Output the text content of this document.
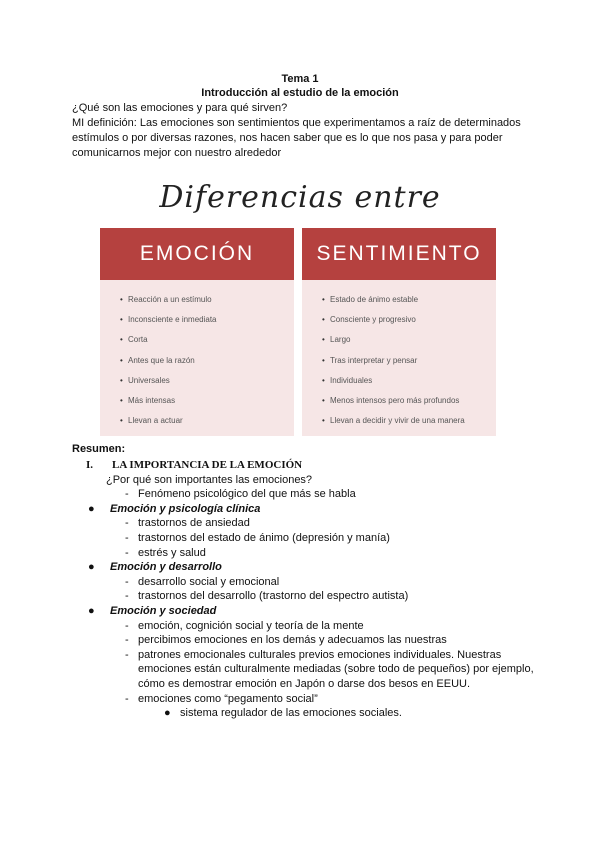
Tema 1
Introducción al estudio de la emoción
¿Qué son las emociones y para qué sirven?
MI definición: Las emociones son sentimientos que experimentamos a raíz de determinados estímulos o por diversas razones, nos hacen saber que es lo que nos pasa y para poder comunicarnos mejor con nuestro alrededor
Diferencias entre
EMOCIÓN
• Reacción a un estímulo
• Inconsciente e inmediata
• Corta
• Antes que la razón
• Universales
• Más intensas
• Llevan a actuar
SENTIMIENTO
• Estado de ánimo estable
• Consciente y progresivo
• Largo
• Tras interpretar y pensar
• Individuales
• Menos intensos pero más profundos
• Llevan a decidir y vivir de una manera
Resumen:
I. LA IMPORTANCIA DE LA EMOCIÓN
¿Por qué son importantes las emociones?
- Fenómeno psicológico del que más se habla
● Emoción y psicología clínica
- trastornos de ansiedad
- trastornos del estado de ánimo (depresión y manía)
- estrés y salud
● Emoción y desarrollo
- desarrollo social y emocional
- trastornos del desarrollo (trastorno del espectro autista)
● Emoción y sociedad
- emoción, cognición social y teoría de la mente
- percibimos emociones en los demás y adecuamos las nuestras
- patrones emocionales culturales previos emociones individuales. Nuestras emociones están culturalmente mediadas (sobre todo de pequeños) por ejemplo, cómo es demostrar emoción en Japón o darse dos besos en EEUU.
- emociones como “pegamento social”
● sistema regulador de las emociones sociales.
